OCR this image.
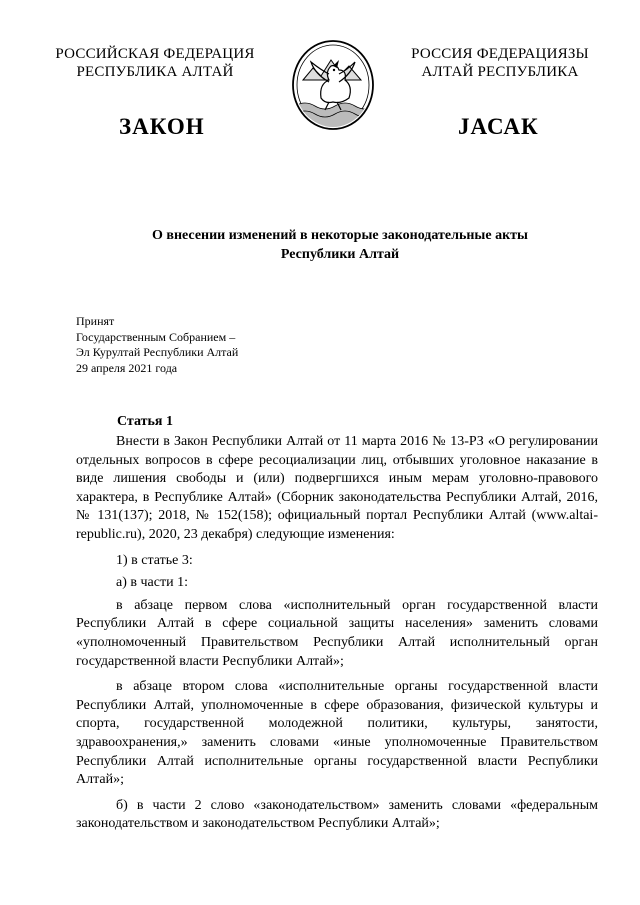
РОССИЙСКАЯ ФЕДЕРАЦИЯ
РЕСПУБЛИКА АЛТАЙ
РОССИЯ ФЕДЕРАЦИЯЗЫ
АЛТАЙ РЕСПУБЛИКА
ЗАКОН	ЈАСАК
О внесении изменений в некоторые законодательные акты
Республики Алтай
Принят
Государственным Собранием –
Эл Курултай Республики Алтай
29 апреля 2021 года
Статья 1

Внести в Закон Республики Алтай от 11 марта 2016 № 13-РЗ «О регулировании отдельных вопросов в сфере ресоциализации лиц, отбывших уголовное наказание в виде лишения свободы и (или) подвергшихся иным мерам уголовно-правового характера, в Республике Алтай» (Сборник законодательства Республики Алтай, 2016, № 131(137); 2018, № 152(158); официальный портал Республики Алтай (www.altai-republic.ru), 2020, 23 декабря) следующие изменения:

1) в статье 3:

а) в части 1:

в абзаце первом слова «исполнительный орган государственной власти Республики Алтай в сфере социальной защиты населения» заменить словами «уполномоченный Правительством Республики Алтай исполнительный орган государственной власти Республики Алтай»;

в абзаце втором слова «исполнительные органы государственной власти Республики Алтай, уполномоченные в сфере образования, физической культуры и спорта, государственной молодежной политики, культуры, занятости, здравоохранения,» заменить словами «иные уполномоченные Правительством Республики Алтай исполнительные органы государственной власти Республики Алтай»;

б) в части 2 слово «законодательством» заменить словами «федеральным законодательством и законодательством Республики Алтай»;
